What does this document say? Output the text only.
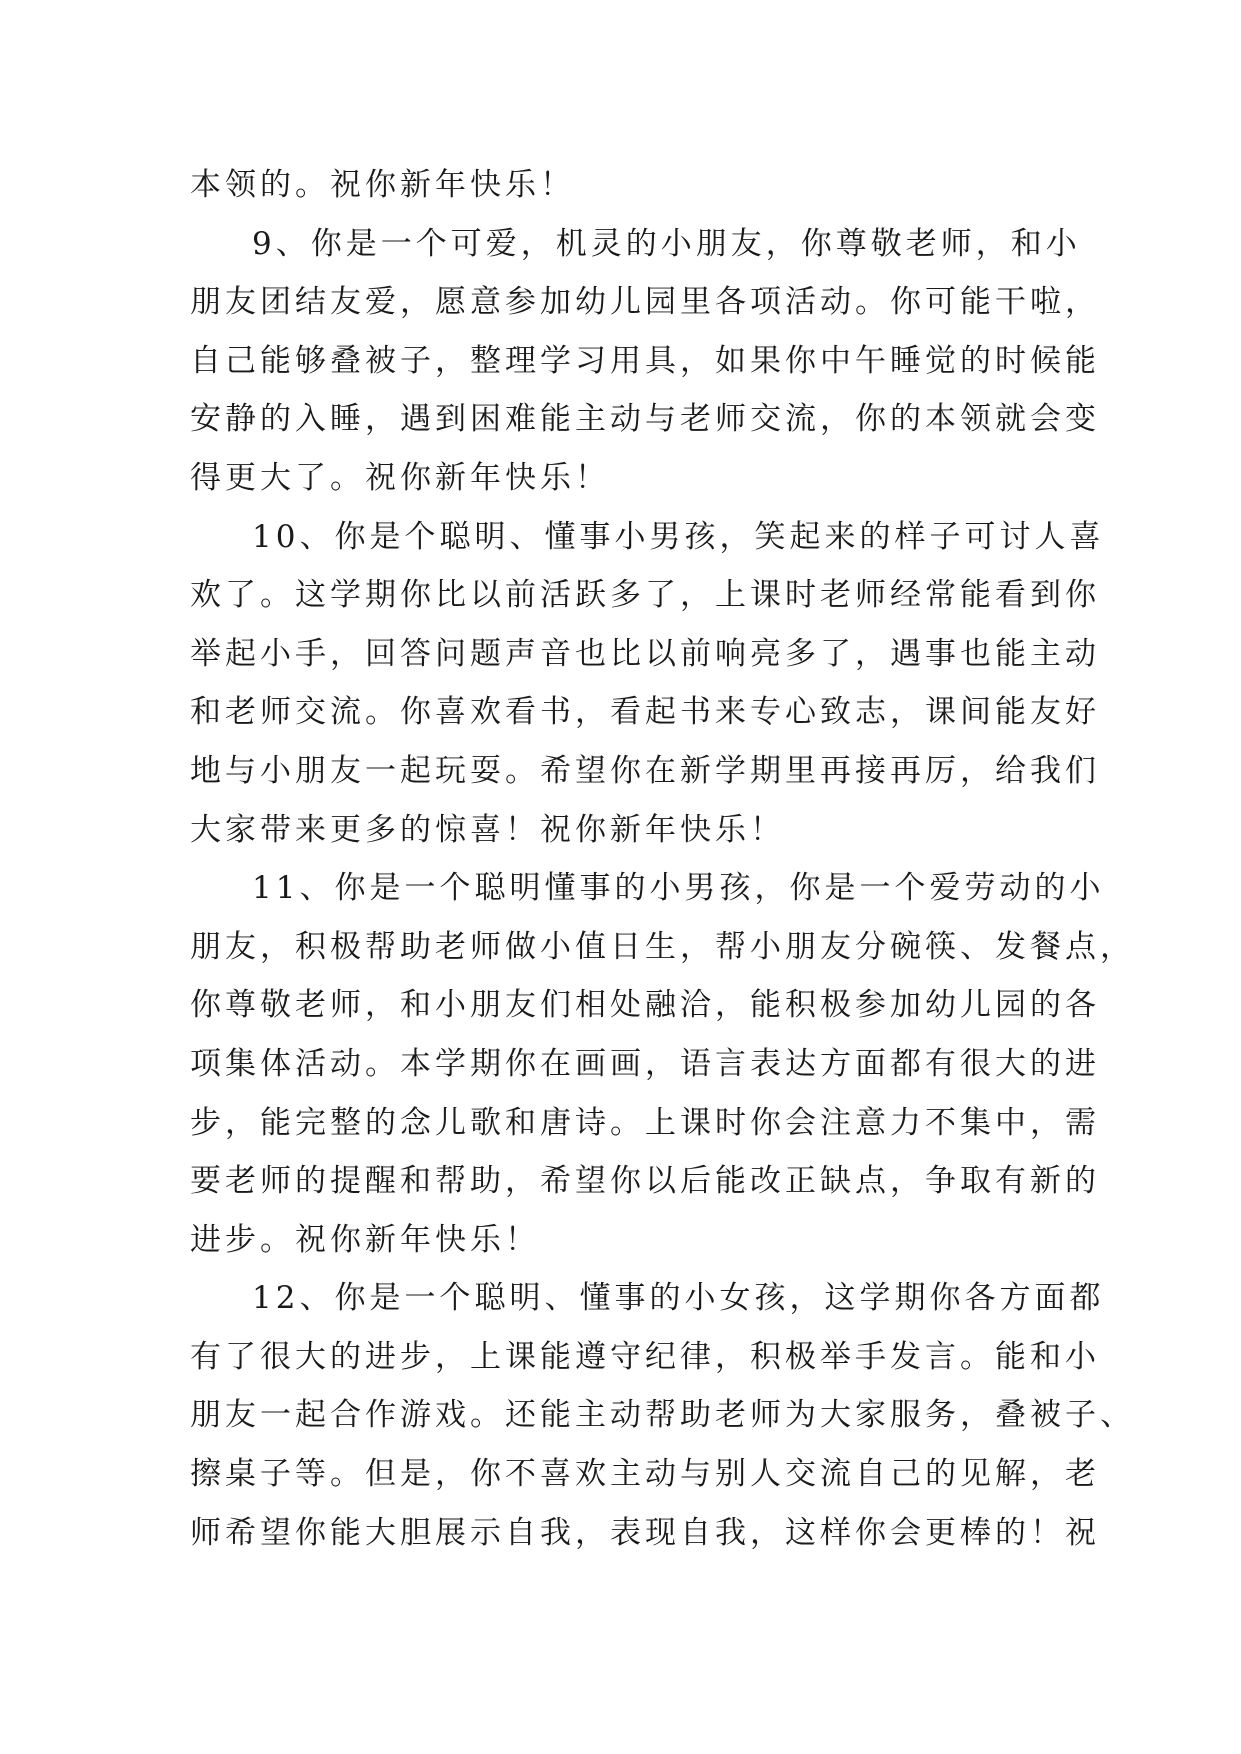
本领的。祝你新年快乐！
9、你是一个可爱，机灵的小朋友，你尊敬老师，和小
朋友团结友爱，愿意参加幼儿园里各项活动。你可能干啦，
自己能够叠被子，整理学习用具，如果你中午睡觉的时候能
安静的入睡，遇到困难能主动与老师交流，你的本领就会变
得更大了。祝你新年快乐！
10、你是个聪明、懂事小男孩，笑起来的样子可讨人喜
欢了。这学期你比以前活跃多了，上课时老师经常能看到你
举起小手，回答问题声音也比以前响亮多了，遇事也能主动
和老师交流。你喜欢看书，看起书来专心致志，课间能友好
地与小朋友一起玩耍。希望你在新学期里再接再厉，给我们
大家带来更多的惊喜！祝你新年快乐！
11、你是一个聪明懂事的小男孩，你是一个爱劳动的小
朋友，积极帮助老师做小值日生，帮小朋友分碗筷、发餐点，
你尊敬老师，和小朋友们相处融洽，能积极参加幼儿园的各
项集体活动。本学期你在画画，语言表达方面都有很大的进
步，能完整的念儿歌和唐诗。上课时你会注意力不集中，需
要老师的提醒和帮助，希望你以后能改正缺点，争取有新的
进步。祝你新年快乐！
12、你是一个聪明、懂事的小女孩，这学期你各方面都
有了很大的进步，上课能遵守纪律，积极举手发言。能和小
朋友一起合作游戏。还能主动帮助老师为大家服务，叠被子、
擦桌子等。但是，你不喜欢主动与别人交流自己的见解，老
师希望你能大胆展示自我，表现自我，这样你会更棒的！祝
